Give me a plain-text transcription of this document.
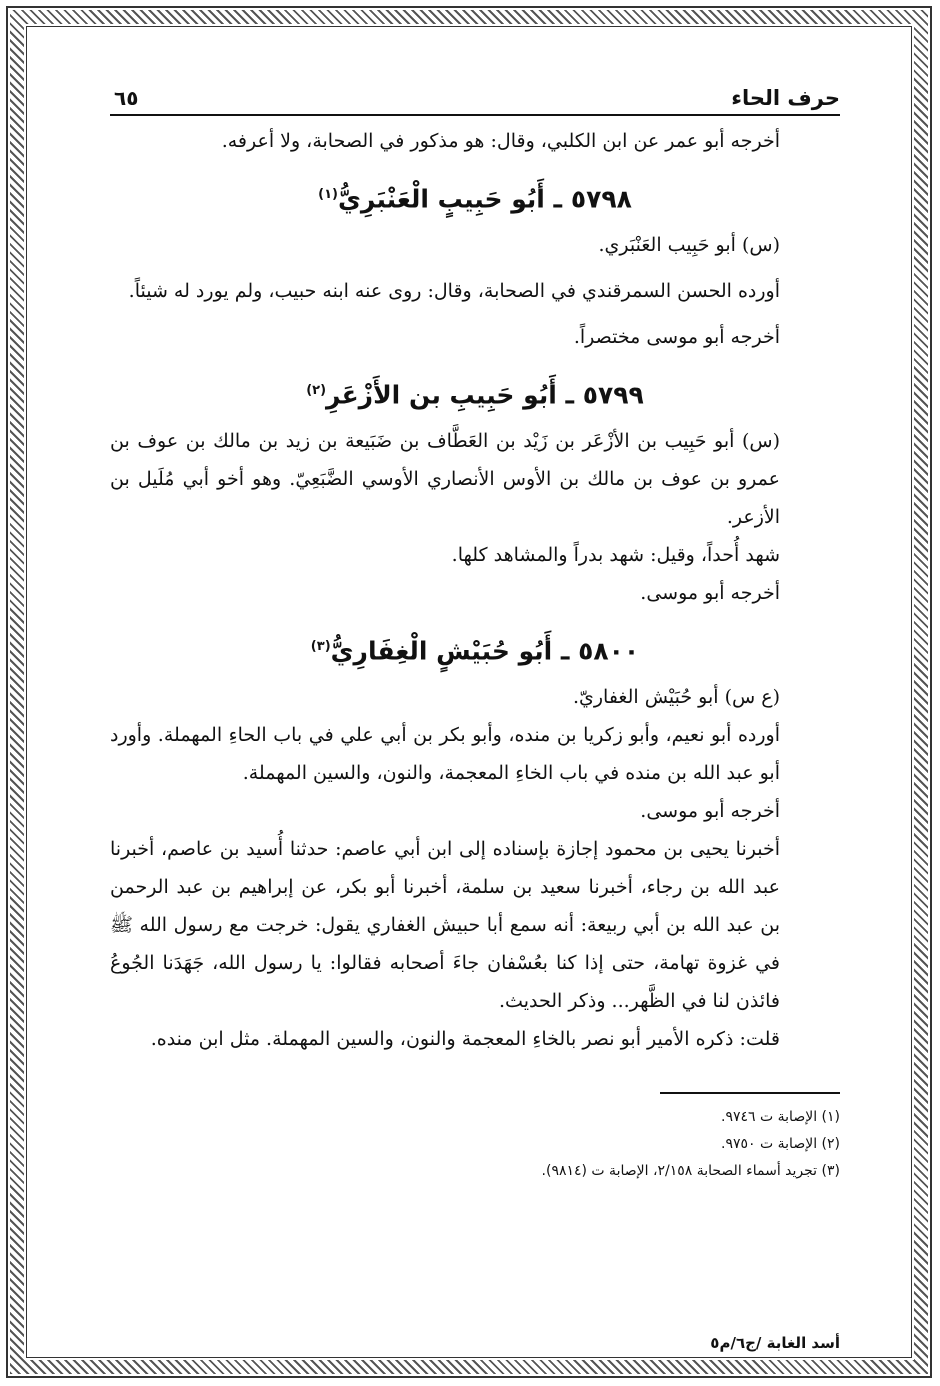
حرف الحاء
٦٥

أخرجه أبو عمر عن ابن الكلبي، وقال: هو مذكور في الصحابة، ولا أعرفه.

٥٧٩٨ ـ أَبُو حَبِيبٍ الْعَنْبَرِيُّ$^{(١)}$

(س) أبو حَبِيب العَنْبَري.

أورده الحسن السمرقندي في الصحابة، وقال: روى عنه ابنه حبيب، ولم يورد له شيئاً.

أخرجه أبو موسى مختصراً.

٥٧٩٩ ـ أَبُو حَبِيبِ بن الأَزْعَرِ$^{(٢)}$

(س) أبو حَبِيب بن الأزْعَر بن زَيْد بن العَطَّاف بن ضَبَيعة بن زيد بن مالك بن عوف بن عمرو بن عوف بن مالك بن الأوس الأنصاري الأوسي الضَّبَعِيّ. وهو أخو أبي مُلَيل بن الأزعر.

شهد أُحداً، وقيل: شهد بدراً والمشاهد كلها.

أخرجه أبو موسى.

٥٨٠٠ ـ أَبُو حُبَيْشٍ الْغِفَارِيُّ$^{(٣)}$

(ع س) أبو حُبَيْش الغفاريّ.

أورده أبو نعيم، وأبو زكريا بن منده، وأبو بكر بن أبي علي في باب الحاءِ المهملة. وأورد أبو عبد الله بن منده في باب الخاءِ المعجمة، والنون، والسين المهملة.

أخرجه أبو موسى.

أخبرنا يحيى بن محمود إجازة بإسناده إلى ابن أبي عاصم: حدثنا أُسيد بن عاصم، أخبرنا عبد الله بن رجاء، أخبرنا سعيد بن سلمة، أخبرنا أبو بكر، عن إبراهيم بن عبد الرحمن بن عبد الله بن أبي ربيعة: أنه سمع أبا حبيش الغفاري يقول: خرجت مع رسول الله ﷺ في غزوة تهامة، حتى إذا كنا بعُسْفان جاءَ أصحابه فقالوا: يا رسول الله، جَهَدَنا الجُوعُ فائذن لنا في الظَّهر... وذكر الحديث.

قلت: ذكره الأمير أبو نصر بالخاءِ المعجمة والنون، والسين المهملة. مثل ابن منده.

(١) الإصابة ت ٩٧٤٦.

(٢) الإصابة ت ٩٧٥٠.

(٣) تجريد أسماء الصحابة ٢/١٥٨، الإصابة ت (٩٨١٤).

أسد الغابة /ج٦/م٥
